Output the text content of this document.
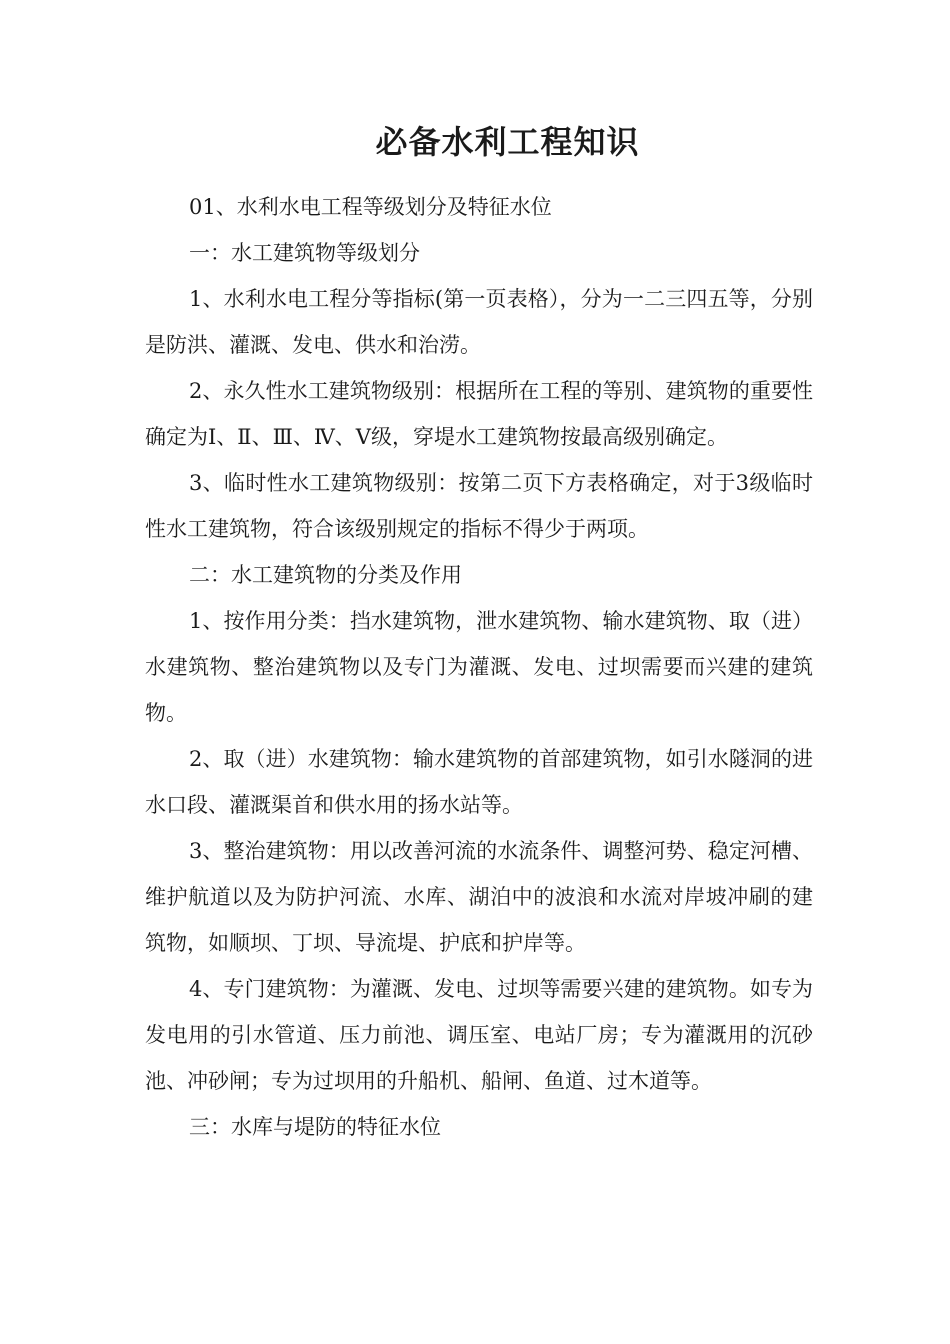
必备水利工程知识

01、水利水电工程等级划分及特征水位

一：水工建筑物等级划分

1、水利水电工程分等指标(第一页表格），分为一二三四五等，分别是防洪、灌溉、发电、供水和治涝。

2、永久性水工建筑物级别：根据所在工程的等别、建筑物的重要性确定为Ⅰ、Ⅱ、Ⅲ、Ⅳ、Ⅴ级，穿堤水工建筑物按最高级别确定。

3、临时性水工建筑物级别：按第二页下方表格确定，对于3级临时性水工建筑物，符合该级别规定的指标不得少于两项。

二：水工建筑物的分类及作用

1、按作用分类：挡水建筑物，泄水建筑物、输水建筑物、取（进）水建筑物、整治建筑物以及专门为灌溉、发电、过坝需要而兴建的建筑物。

2、取（进）水建筑物：输水建筑物的首部建筑物，如引水隧洞的进水口段、灌溉渠首和供水用的扬水站等。

3、整治建筑物：用以改善河流的水流条件、调整河势、稳定河槽、维护航道以及为防护河流、水库、湖泊中的波浪和水流对岸坡冲刷的建筑物，如顺坝、丁坝、导流堤、护底和护岸等。

4、专门建筑物：为灌溉、发电、过坝等需要兴建的建筑物。如专为发电用的引水管道、压力前池、调压室、电站厂房；专为灌溉用的沉砂池、冲砂闸；专为过坝用的升船机、船闸、鱼道、过木道等。

三：水库与堤防的特征水位
